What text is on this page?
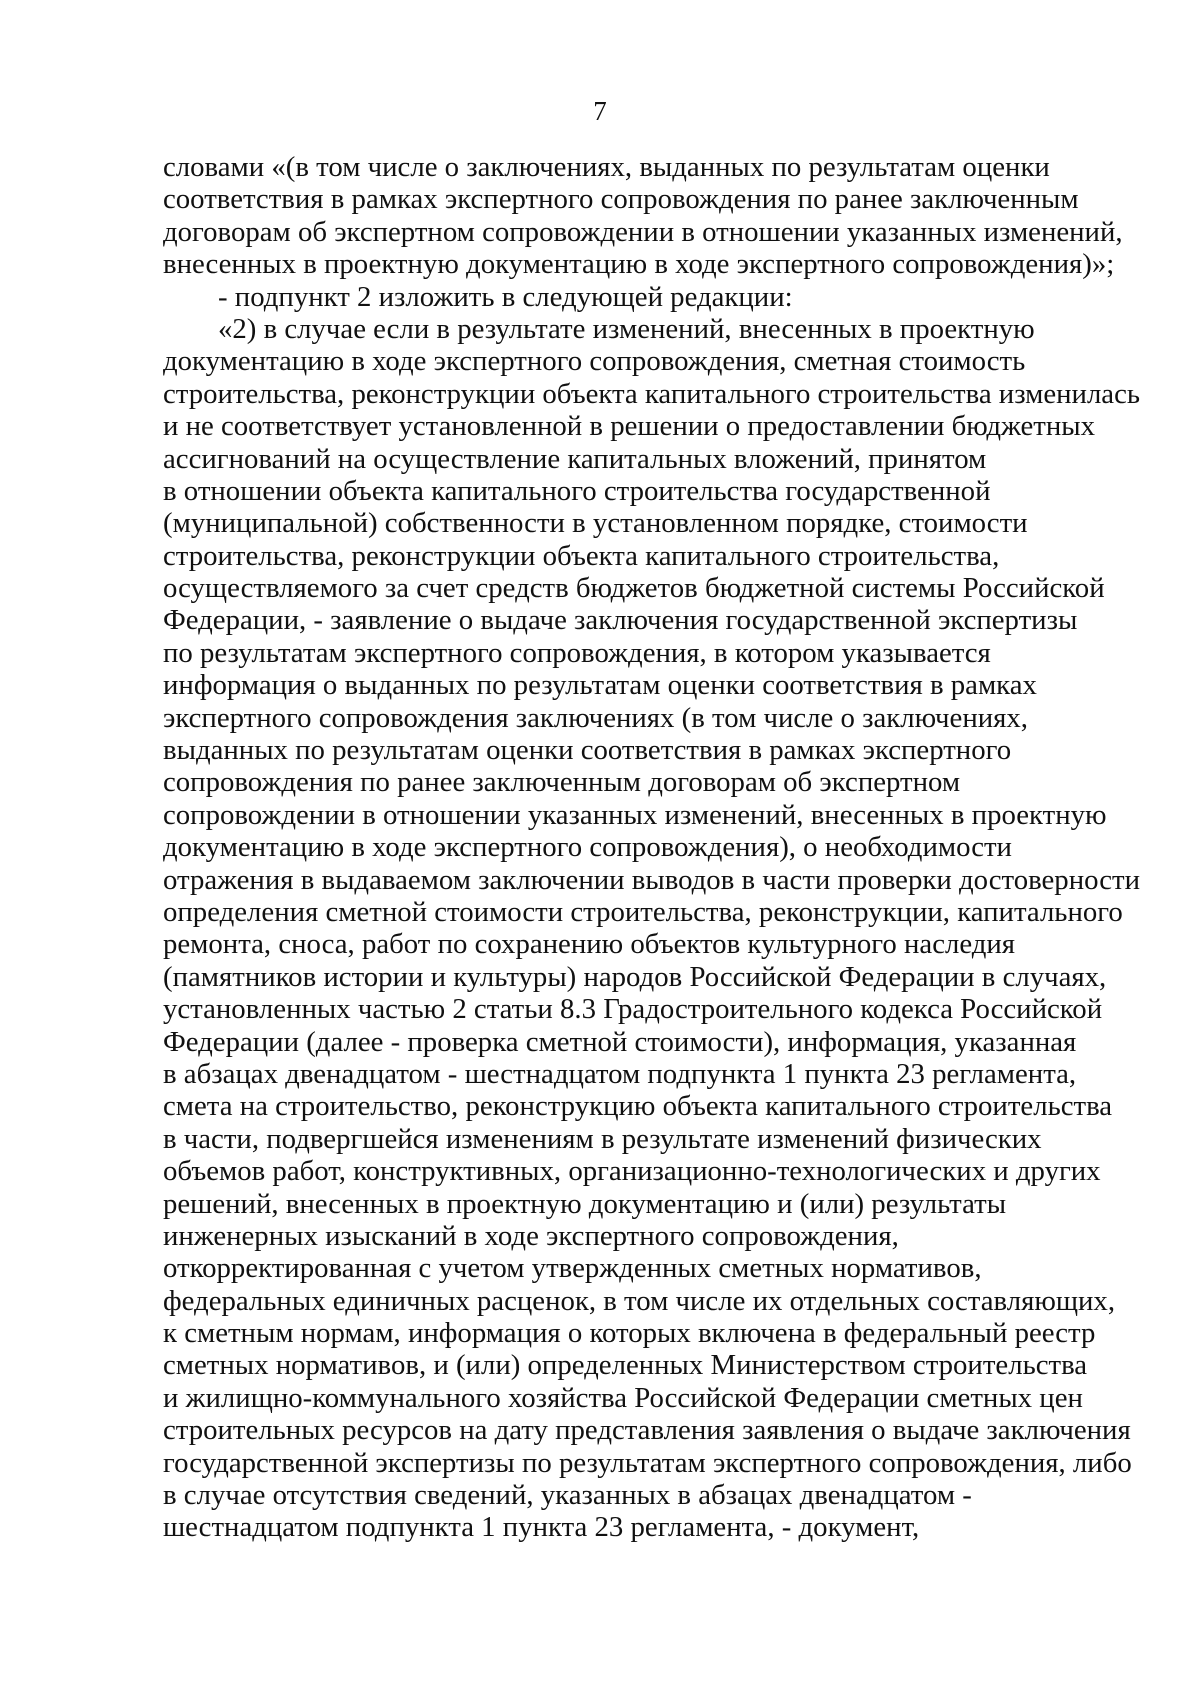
7
словами «(в том числе о заключениях, выданных по результатам оценки
соответствия в рамках экспертного сопровождения по ранее заключенным
договорам об экспертном сопровождении в отношении указанных изменений,
внесенных в проектную документацию в ходе экспертного сопровождения)»;
- подпункт 2 изложить в следующей редакции:
«2) в случае если в результате изменений, внесенных в проектную
документацию в ходе экспертного сопровождения, сметная стоимость
строительства, реконструкции объекта капитального строительства изменилась
и не соответствует установленной в решении о предоставлении бюджетных
ассигнований на осуществление капитальных вложений, принятом
в отношении объекта капитального строительства государственной
(муниципальной) собственности в установленном порядке, стоимости
строительства, реконструкции объекта капитального строительства,
осуществляемого за счет средств бюджетов бюджетной системы Российской
Федерации, - заявление о выдаче заключения государственной экспертизы
по результатам экспертного сопровождения, в котором указывается
информация о выданных по результатам оценки соответствия в рамках
экспертного сопровождения заключениях (в том числе о заключениях,
выданных по результатам оценки соответствия в рамках экспертного
сопровождения по ранее заключенным договорам об экспертном
сопровождении в отношении указанных изменений, внесенных в проектную
документацию в ходе экспертного сопровождения), о необходимости
отражения в выдаваемом заключении выводов в части проверки достоверности
определения сметной стоимости строительства, реконструкции, капитального
ремонта, сноса, работ по сохранению объектов культурного наследия
(памятников истории и культуры) народов Российской Федерации в случаях,
установленных частью 2 статьи 8.3 Градостроительного кодекса Российской
Федерации (далее - проверка сметной стоимости), информация, указанная
в абзацах двенадцатом - шестнадцатом подпункта 1 пункта 23 регламента,
смета на строительство, реконструкцию объекта капитального строительства
в части, подвергшейся изменениям в результате изменений физических
объемов работ, конструктивных, организационно-технологических и других
решений, внесенных в проектную документацию и (или) результаты
инженерных изысканий в ходе экспертного сопровождения,
откорректированная с учетом утвержденных сметных нормативов,
федеральных единичных расценок, в том числе их отдельных составляющих,
к сметным нормам, информация о которых включена в федеральный реестр
сметных нормативов, и (или) определенных Министерством строительства
и жилищно-коммунального хозяйства Российской Федерации сметных цен
строительных ресурсов на дату представления заявления о выдаче заключения
государственной экспертизы по результатам экспертного сопровождения, либо
в случае отсутствия сведений, указанных в абзацах двенадцатом -
шестнадцатом подпункта 1 пункта 23 регламента, - документ,
